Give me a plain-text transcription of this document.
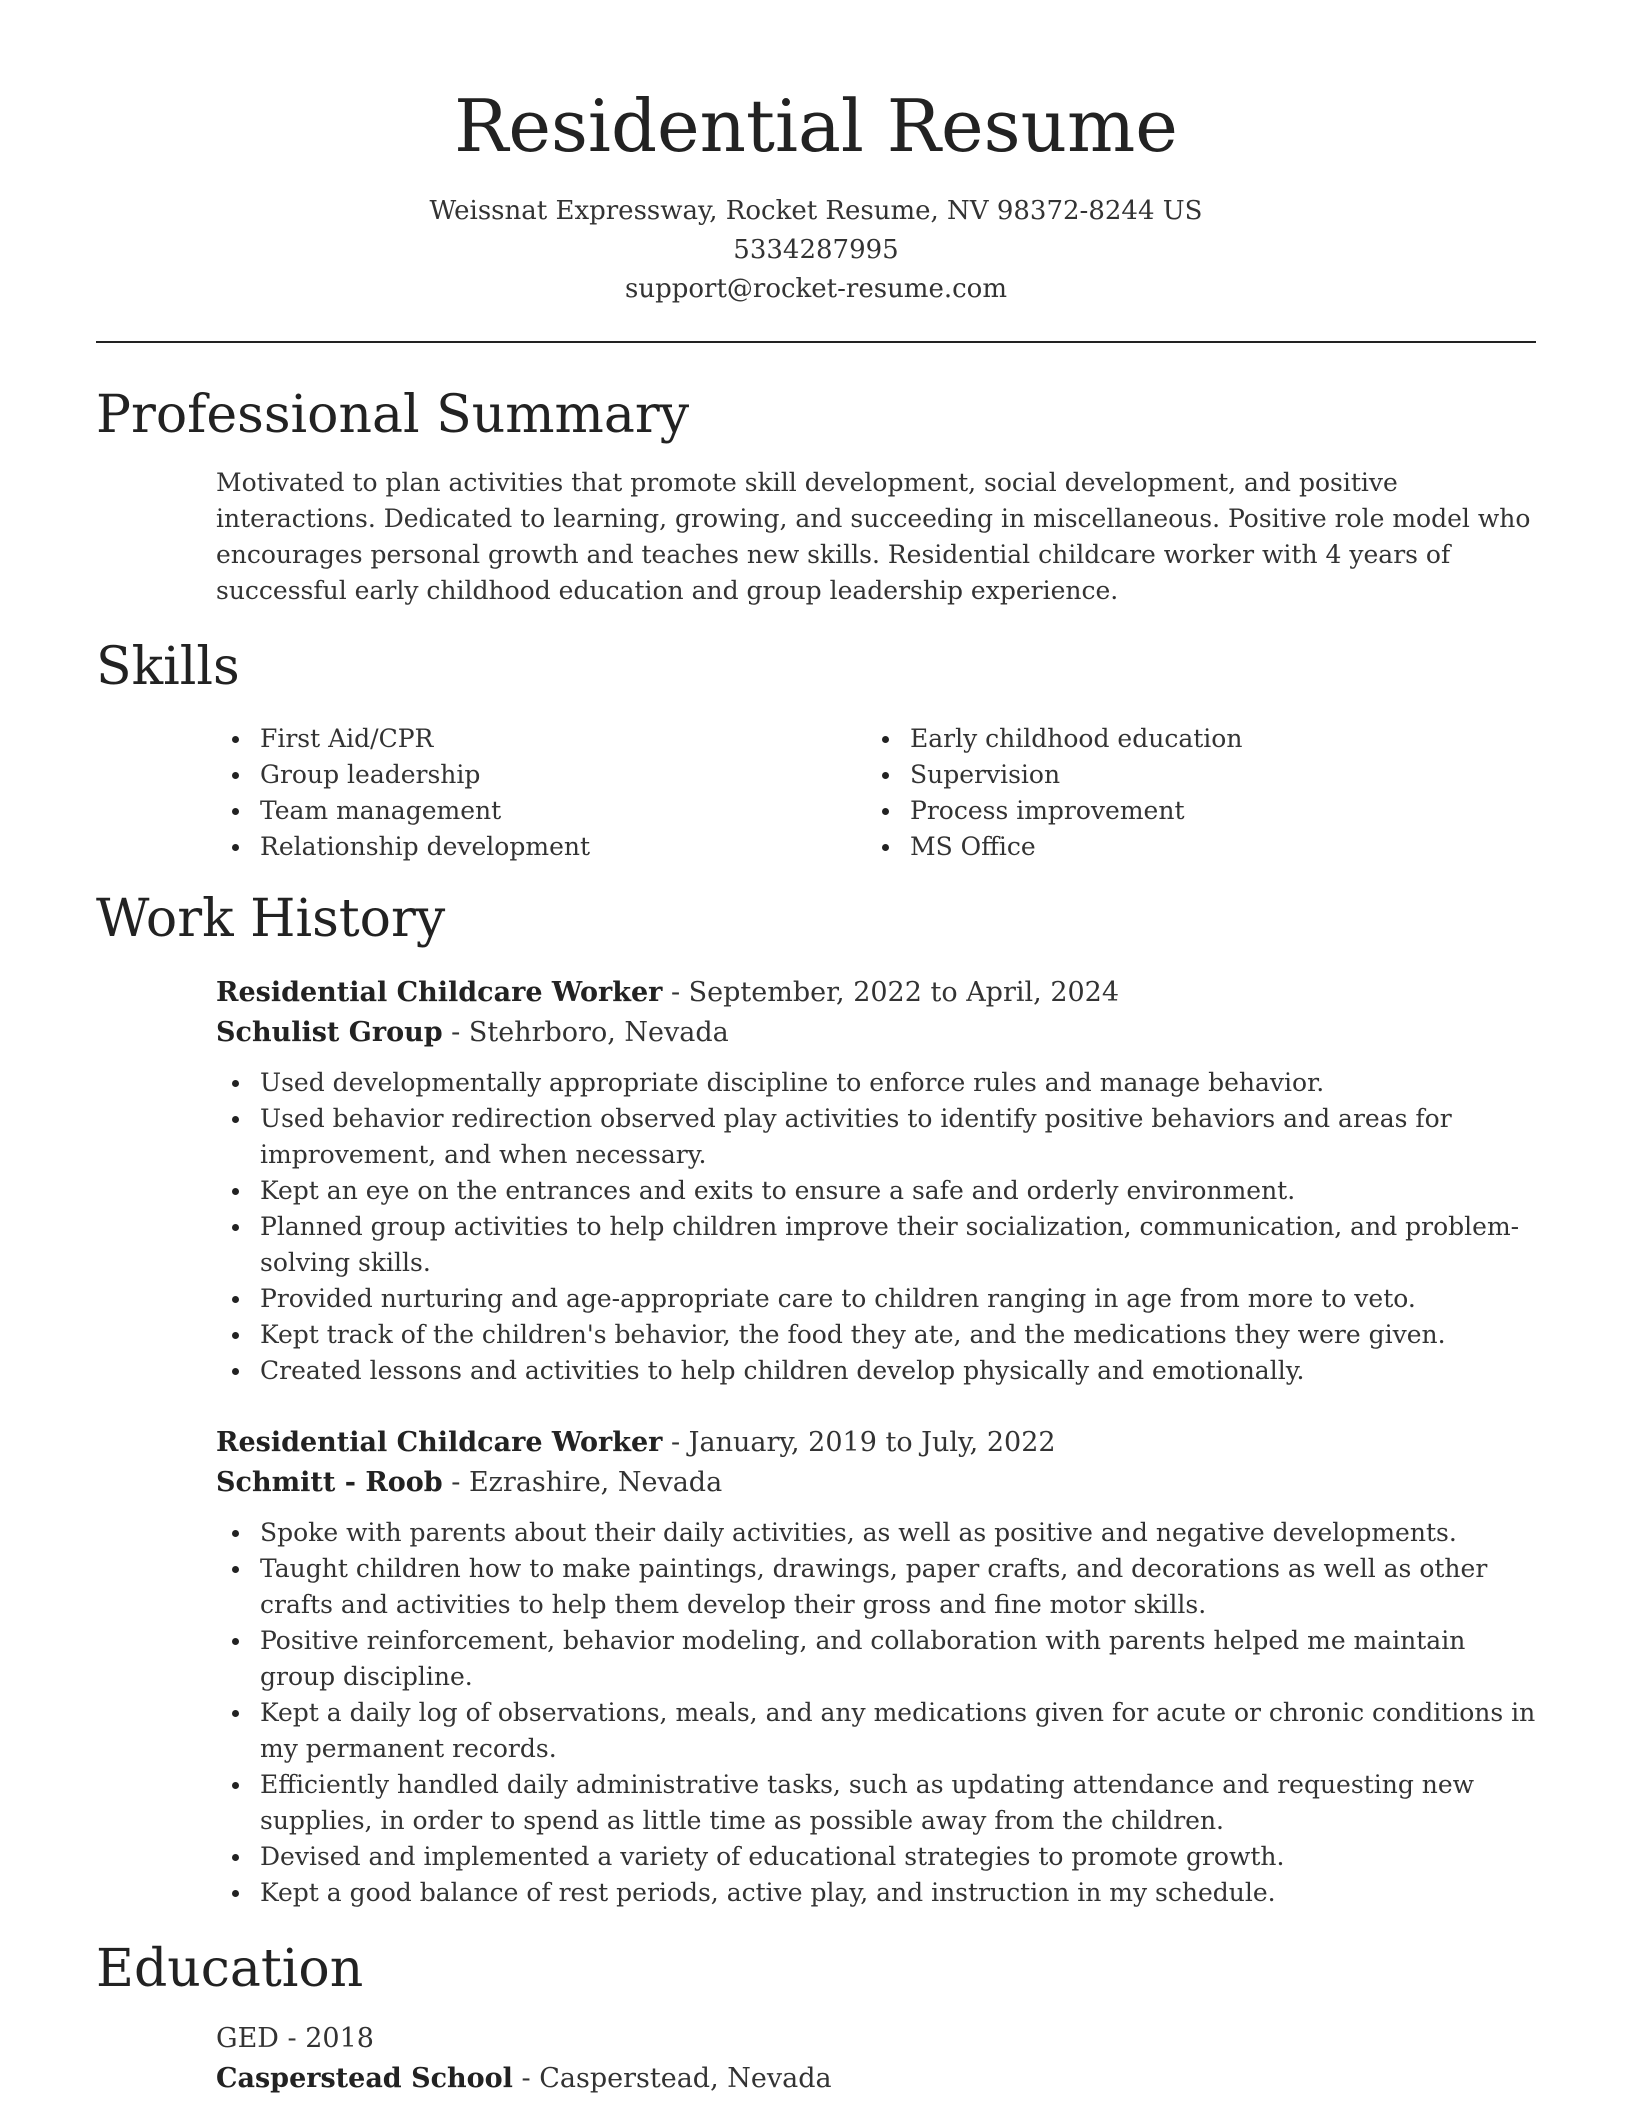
Residential Resume
Weissnat Expressway, Rocket Resume, NV 98372-8244 US
5334287995
support@rocket-resume.com
Professional Summary
Motivated to plan activities that promote skill development, social development, and positive interactions. Dedicated to learning, growing, and succeeding in miscellaneous. Positive role model who encourages personal growth and teaches new skills. Residential childcare worker with 4 years of successful early childhood education and group leadership experience.
Skills
First Aid/CPR
Group leadership
Team management
Relationship development
Early childhood education
Supervision
Process improvement
MS Office
Work History
Residential Childcare Worker - September, 2022 to April, 2024
Schulist Group - Stehrboro, Nevada
Used developmentally appropriate discipline to enforce rules and manage behavior.
Used behavior redirection observed play activities to identify positive behaviors and areas for improvement, and when necessary.
Kept an eye on the entrances and exits to ensure a safe and orderly environment.
Planned group activities to help children improve their socialization, communication, and problem-solving skills.
Provided nurturing and age-appropriate care to children ranging in age from more to veto.
Kept track of the children's behavior, the food they ate, and the medications they were given.
Created lessons and activities to help children develop physically and emotionally.
Residential Childcare Worker - January, 2019 to July, 2022
Schmitt - Roob - Ezrashire, Nevada
Spoke with parents about their daily activities, as well as positive and negative developments.
Taught children how to make paintings, drawings, paper crafts, and decorations as well as other crafts and activities to help them develop their gross and fine motor skills.
Positive reinforcement, behavior modeling, and collaboration with parents helped me maintain group discipline.
Kept a daily log of observations, meals, and any medications given for acute or chronic conditions in my permanent records.
Efficiently handled daily administrative tasks, such as updating attendance and requesting new supplies, in order to spend as little time as possible away from the children.
Devised and implemented a variety of educational strategies to promote growth.
Kept a good balance of rest periods, active play, and instruction in my schedule.
Education
GED - 2018
Casperstead School - Casperstead, Nevada
